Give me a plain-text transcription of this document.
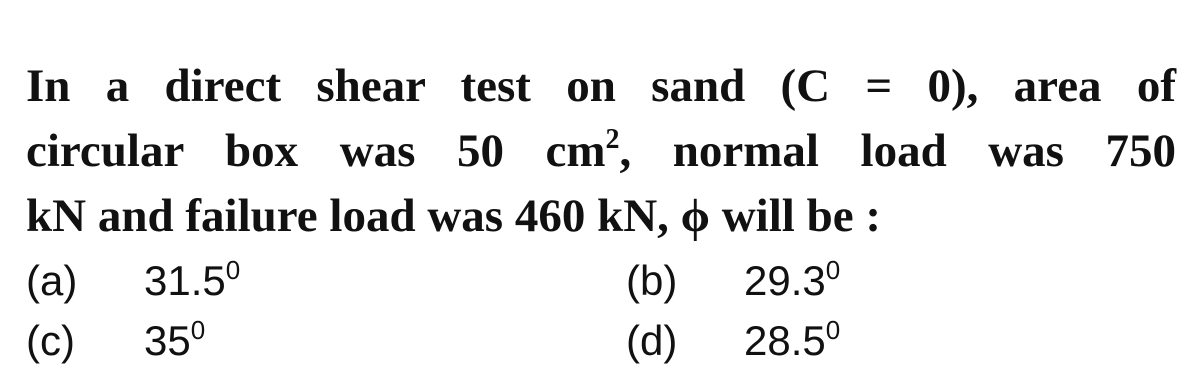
In a direct shear test on sand (C = 0), area of
circular box was 50 $cm^2$, normal load was 750
kN and failure load was 460 kN, ϕ will be :
(a) 31.5$^0$	(b) 29.3$^0$
(c) $35^0$	(d) 28.5$^0$
